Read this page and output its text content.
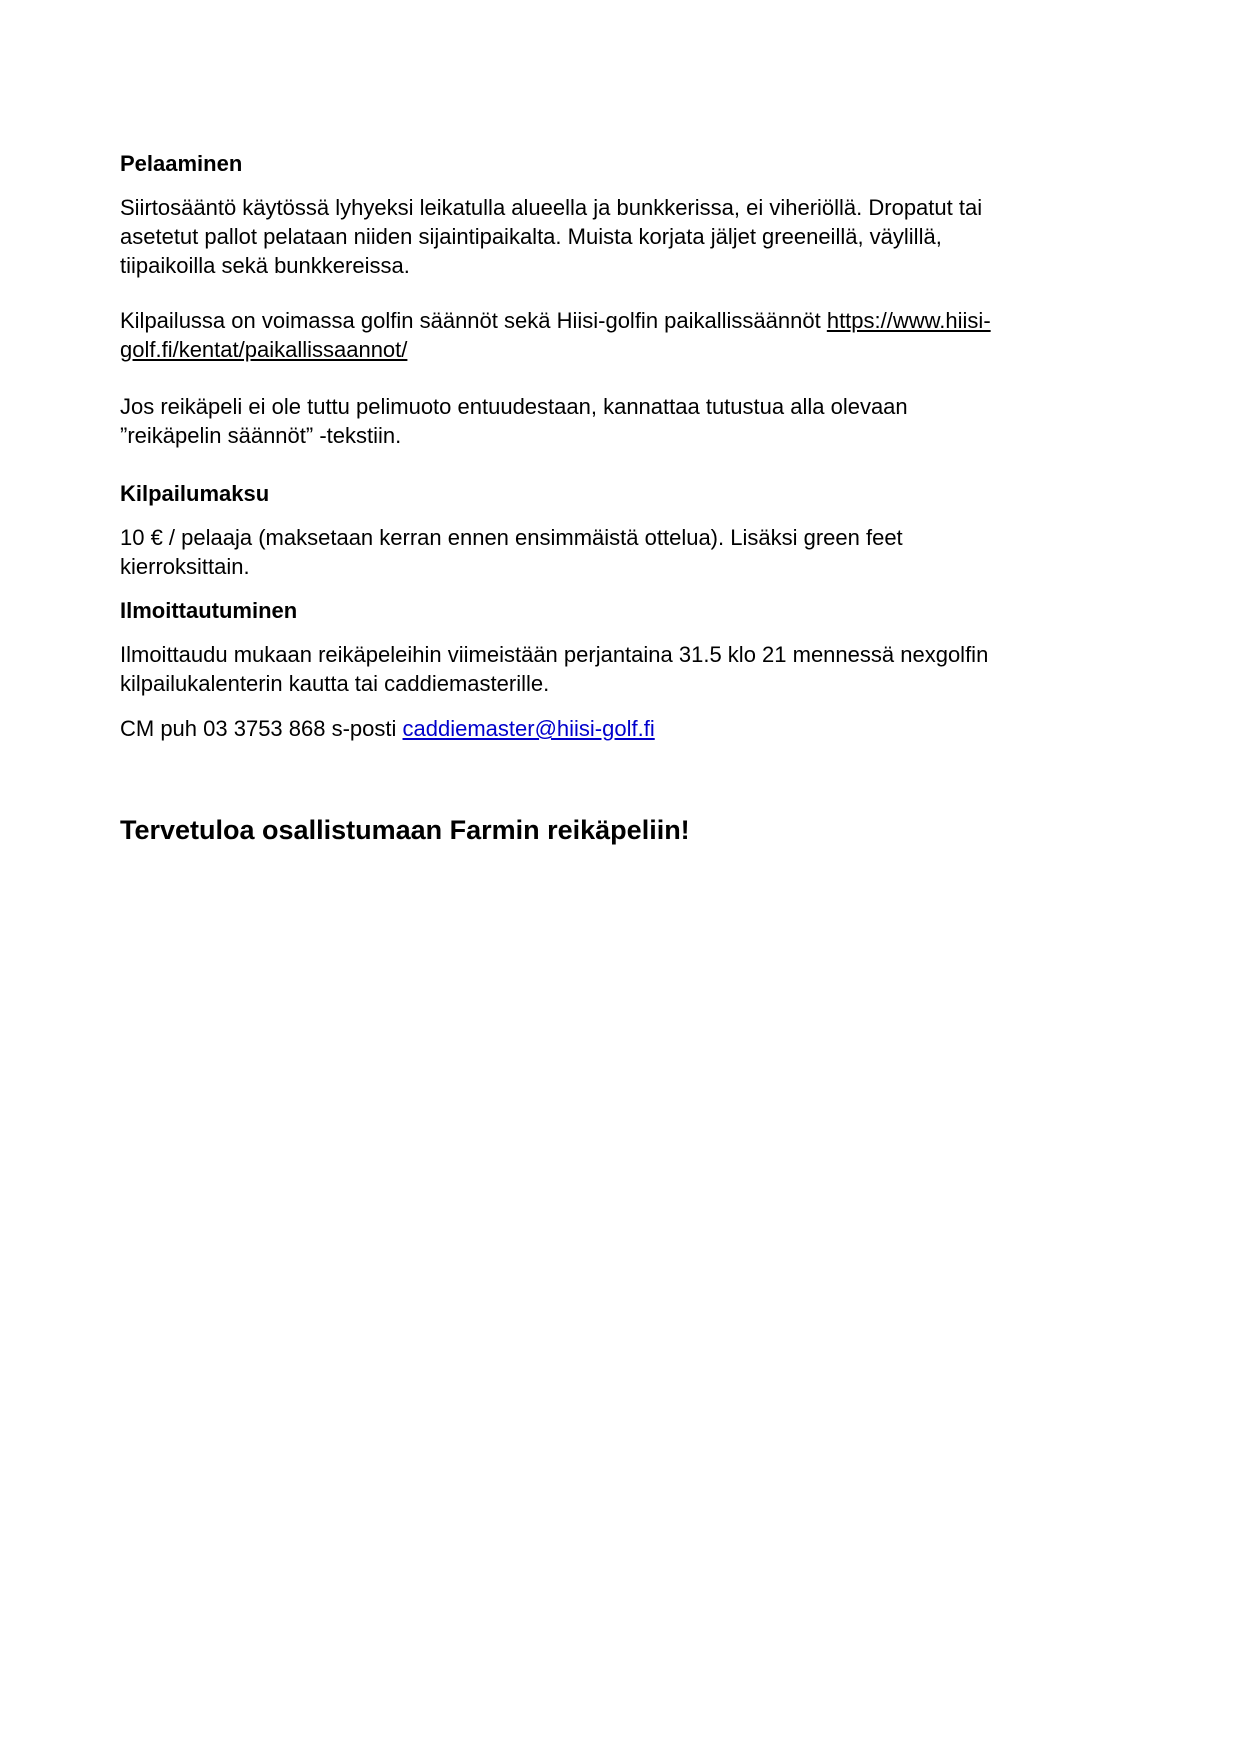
Pelaaminen
Siirtosääntö käytössä lyhyeksi leikatulla alueella ja bunkkerissa, ei viheriöllä. Dropatut tai
asetetut pallot pelataan niiden sijaintipaikalta. Muista korjata jäljet greeneillä, väylillä,
tiipaikoilla sekä bunkkereissa.
Kilpailussa on voimassa golfin säännöt sekä Hiisi-golfin paikallissäännöt https://www.hiisi-
golf.fi/kentat/paikallissaannot/
Jos reikäpeli ei ole tuttu pelimuoto entuudestaan, kannattaa tutustua alla olevaan
”reikäpelin säännöt” -tekstiin.
Kilpailumaksu
10 € / pelaaja (maksetaan kerran ennen ensimmäistä ottelua). Lisäksi green feet
kierroksittain.
Ilmoittautuminen
Ilmoittaudu mukaan reikäpeleihin viimeistään perjantaina 31.5 klo 21 mennessä nexgolfin
kilpailukalenterin kautta tai caddiemasterille.
CM puh 03 3753 868 s-posti caddiemaster@hiisi-golf.fi
Tervetuloa osallistumaan Farmin reikäpeliin!
